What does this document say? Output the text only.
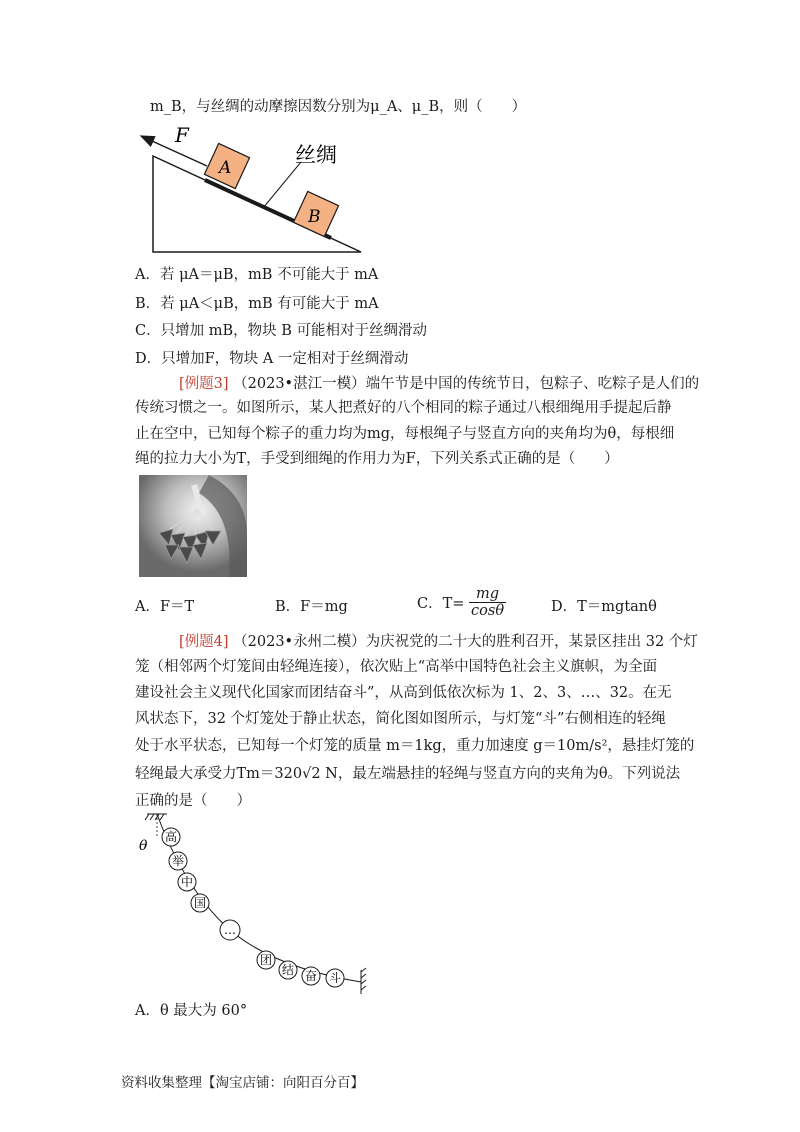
m_B，与丝绸的动摩擦因数分别为μ_A、μ_B，则（　　）
F
A
B
丝绸
A．若 μA＝μB，mB 不可能大于 mA
B．若 μA＜μB，mB 有可能大于 mA
C．只增加 mB，物块 B 可能相对于丝绸滑动
D．只增加F，物块 A 一定相对于丝绸滑动
[例题3] （2023•湛江一模）端午节是中国的传统节日，包粽子、吃粽子是人们的
传统习惯之一。如图所示，某人把煮好的八个相同的粽子通过八根细绳用手提起后静
止在空中，已知每个粽子的重力均为mg，每根绳子与竖直方向的夹角均为θ，每根细
绳的拉力大小为T，手受到细绳的作用力为F，下列关系式正确的是（　　）
A．F＝T	B．F＝mg	C．$T= \frac{mg}{\cos\theta}$	D．T＝mgtanθ
[例题4] （2023•永州二模）为庆祝党的二十大的胜利召开，某景区挂出 32 个灯
笼（相邻两个灯笼间由轻绳连接），依次贴上“高举中国特色社会主义旗帜，为全面
建设社会主义现代化国家而团结奋斗”，从高到低依次标为 1、2、3、…、32。在无
风状态下，32 个灯笼处于静止状态，简化图如图所示，与灯笼“斗”右侧相连的轻绳
处于水平状态，已知每一个灯笼的质量 m＝1kg，重力加速度 g＝10m/s²，悬挂灯笼的
轻绳最大承受力Tm＝320√2 N，最左端悬挂的轻绳与竖直方向的夹角为θ。下列说法
正确的是（　　）
θ
高
举
中
国
…
团
结 奋 斗
A．θ 最大为 60°
资料收集整理【淘宝店铺：向阳百分百】
